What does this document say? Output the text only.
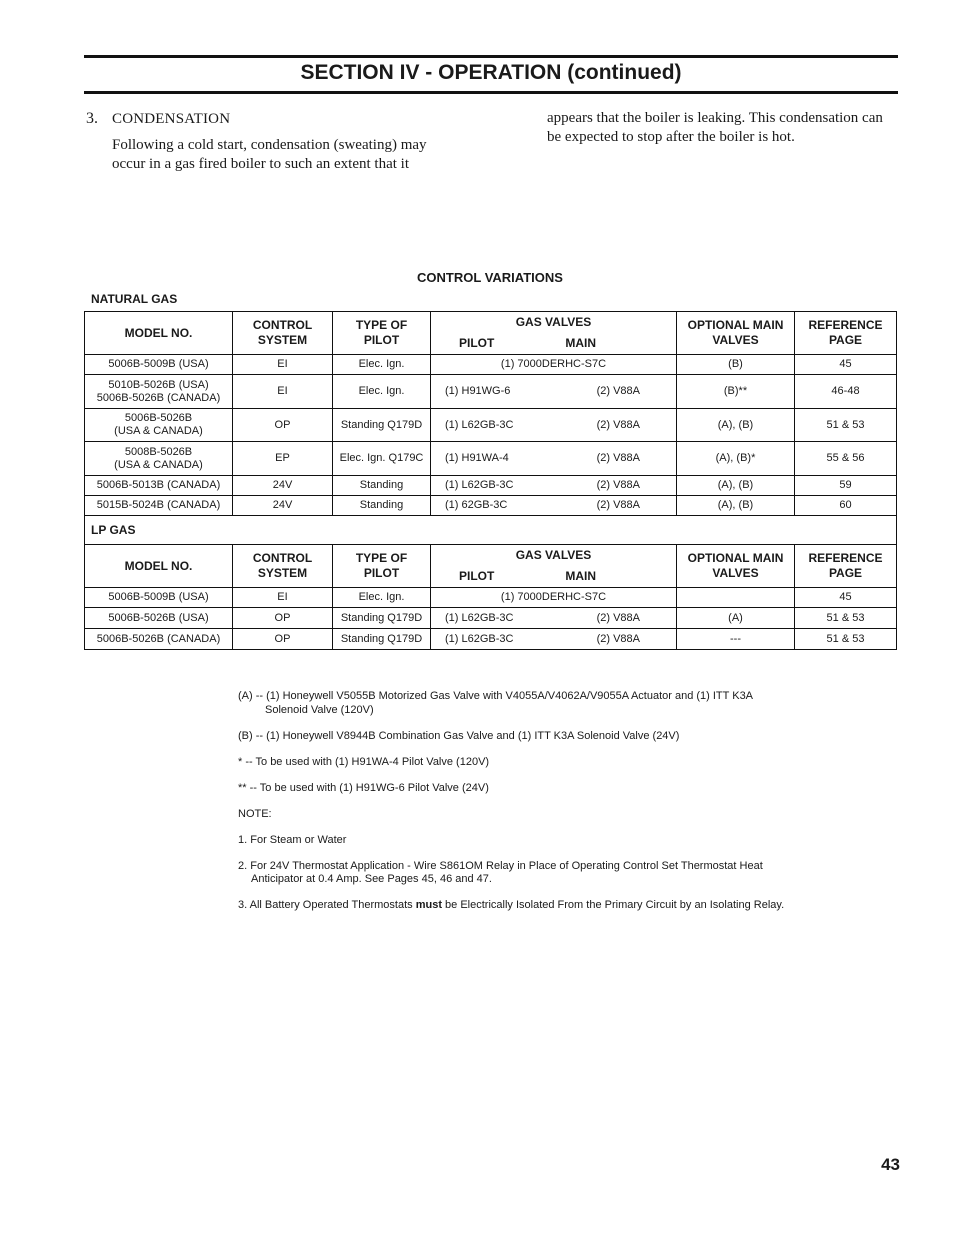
SECTION IV - OPERATION (continued)
3. CONDENSATION
Following a cold start, condensation (sweating) may occur in a gas fired boiler to such an extent that it
appears that the boiler is leaking. This condensation can be expected to stop after the boiler is hot.
CONTROL VARIATIONS
NATURAL GAS
MODEL NO.	CONTROL SYSTEM	TYPE OF PILOT	GAS VALVES
PILOT MAIN	OPTIONAL MAIN VALVES	REFERENCE PAGE
5006B-5009B (USA)	EI	Elec. Ign.	(1) 7000DERHC-S7C	(B)	45
5010B-5026B (USA)
5006B-5026B (CANADA)	EI	Elec. Ign.	(1) H91WG-6 (2) V88A	(B)**	46-48
5006B-5026B
(USA & CANADA)	OP	Standing Q179D	(1) L62GB-3C (2) V88A	(A), (B)	51 & 53
5008B-5026B
(USA & CANADA)	EP	Elec. Ign. Q179C	(1) H91WA-4 (2) V88A	(A), (B)*	55 & 56
5006B-5013B (CANADA)	24V	Standing	(1) L62GB-3C (2) V88A	(A), (B)	59
5015B-5024B (CANADA)	24V	Standing	(1) 62GB-3C (2) V88A	(A), (B)	60
LP GAS					
MODEL NO.	CONTROL SYSTEM	TYPE OF PILOT	GAS VALVES
PILOT MAIN	OPTIONAL MAIN VALVES	REFERENCE PAGE
5006B-5009B (USA)	EI	Elec. Ign.	(1) 7000DERHC-S7C		45
5006B-5026B (USA)	OP	Standing Q179D	(1) L62GB-3C (2) V88A	(A)	51 & 53
5006B-5026B (CANADA)	OP	Standing Q179D	(1) L62GB-3C (2) V88A	---	51 & 53

(A) -- (1) Honeywell V5055B Motorized Gas Valve with V4055A/V4062A/V9055A Actuator and (1) ITT K3A
Solenoid Valve (120V)

(B) -- (1) Honeywell V8944B Combination Gas Valve and (1) ITT K3A Solenoid Valve (24V)

* -- To be used with (1) H91WA-4 Pilot Valve (120V)

** -- To be used with (1) H91WG-6 Pilot Valve (24V)

NOTE:

1. For Steam or Water

2. For 24V Thermostat Application - Wire S861OM Relay in Place of Operating Control Set Thermostat Heat
Anticipator at 0.4 Amp. See Pages 45, 46 and 47.

3. All Battery Operated Thermostats must be Electrically Isolated From the Primary Circuit by an Isolating Relay.

43
